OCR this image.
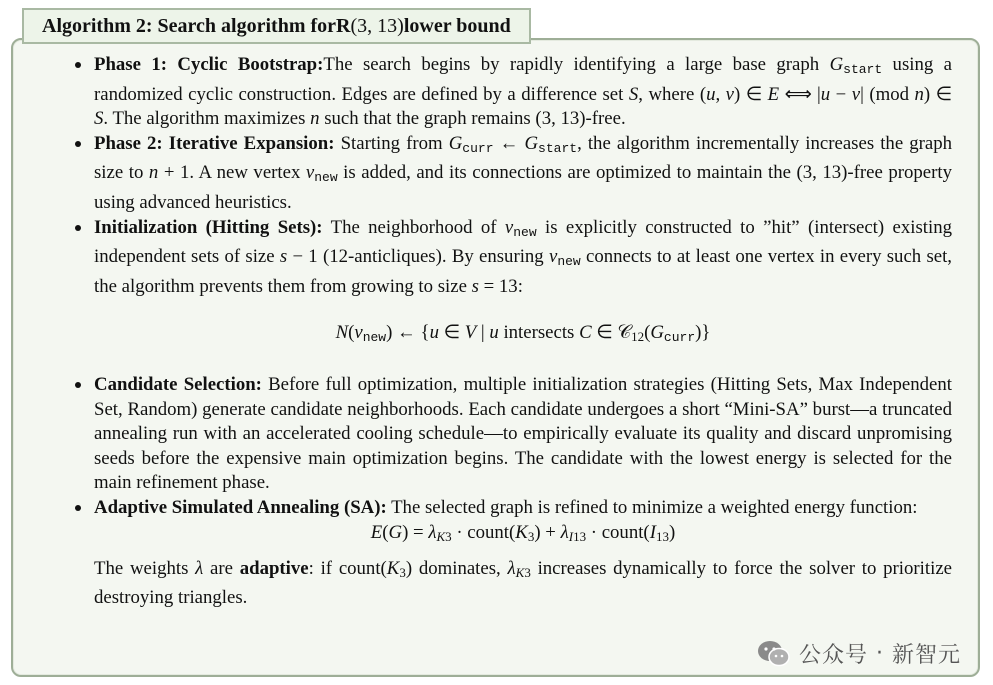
Algorithm 2: Search algorithm for R (3, 13) lower bound
Phase 1: Cyclic Bootstrap:The search begins by rapidly identifying a large base graph $G_{start}$ using a randomized cyclic construction. Edges are defined by a difference set S, where (u, v) ∈ E ⟺ |u − v| (mod n) ∈ S. The algorithm maximizes n such that the graph remains (3, 13)-free.
Phase 2: Iterative Expansion: Starting from $G_{curr}$ ← $G_{start}$, the algorithm incrementally increases the graph size to n + 1. A new vertex $v_{new}$ is added, and its connections are optimized to maintain the (3, 13)-free property using advanced heuristics.
Initialization (Hitting Sets): The neighborhood of $v_{new}$ is explicitly constructed to ”hit” (intersect) existing independent sets of size s − 1 (12-anticliques). By ensuring $v_{new}$ connects to at least one vertex in every such set, the algorithm prevents them from growing to size s = 13:
$N(v_{new})$ ← {u ∈ V | u intersects C ∈ $𝒞_{12}(G_{curr})$}
Candidate Selection: Before full optimization, multiple initialization strategies (Hitting Sets, Max Independent Set, Random) generate candidate neighborhoods. Each candidate undergoes a short “Mini-SA” burst—a truncated annealing run with an accelerated cooling schedule—to empirically evaluate its quality and discard unpromising seeds before the expensive main optimization begins. The candidate with the lowest energy is selected for the main refinement phase.
Adaptive Simulated Annealing (SA): The selected graph is refined to minimize a weighted energy function:
$E(G) = \lambda_{K3}$ · $count(K_3) + \lambda_{I13}$ · $count(I_{13})$
The weights λ are adaptive: if $count(K_3)$ dominates, $\lambda_{K3}$ increases dynamically to force the solver to prioritize destroying triangles.
公众号 · 新智元
